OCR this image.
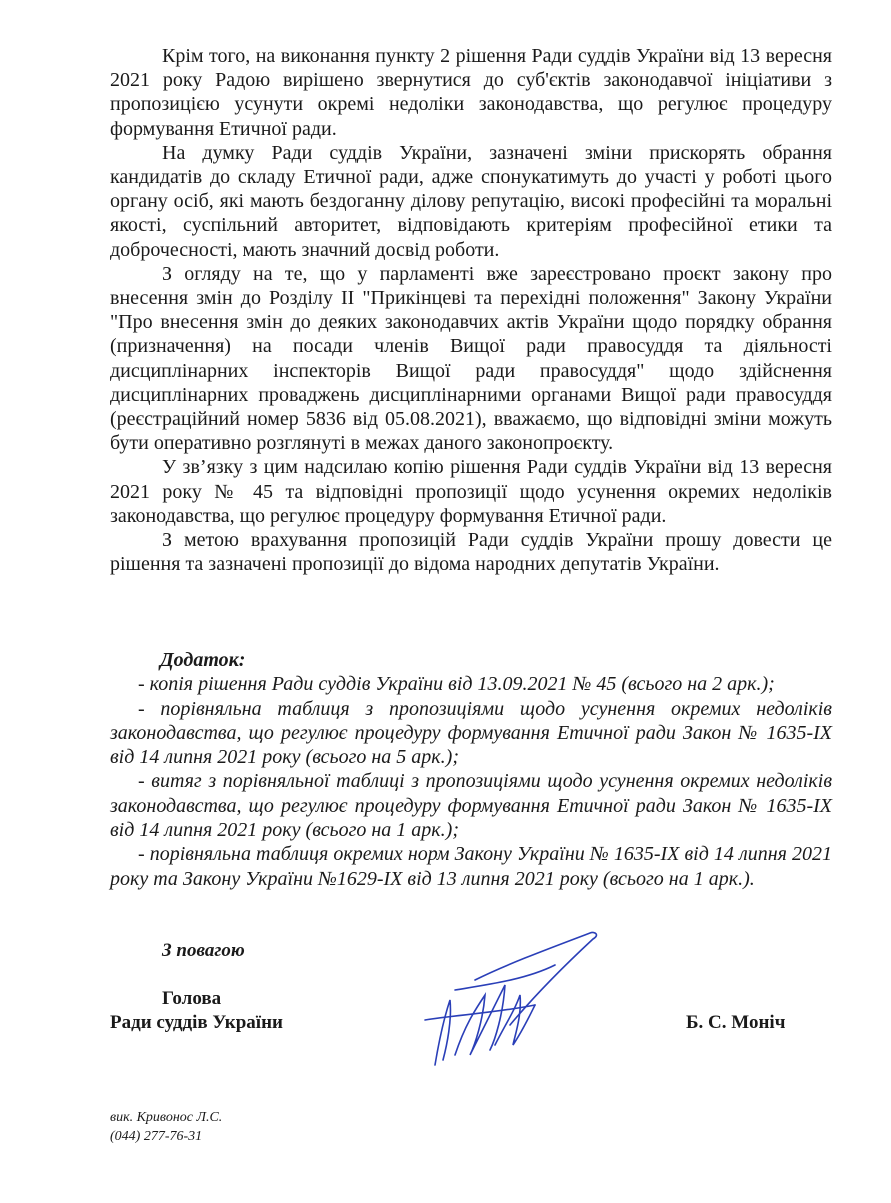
Крім того, на виконання пункту 2 рішення Ради суддів України від 13 вересня 2021 року Радою вирішено звернутися до суб'єктів законодавчої ініціативи з пропозицією усунути окремі недоліки законодавства, що регулює процедуру формування Етичної ради.

На думку Ради суддів України, зазначені зміни прискорять обрання кандидатів до складу Етичної ради, адже спонукатимуть до участі у роботі цього органу осіб, які мають бездоганну ділову репутацію, високі професійні та моральні якості, суспільний авторитет, відповідають критеріям професійної етики та доброчесності, мають значний досвід роботи.

З огляду на те, що у парламенті вже зареєстровано проєкт закону про внесення змін до Розділу II "Прикінцеві та перехідні положення" Закону України "Про внесення змін до деяких законодавчих актів України щодо порядку обрання (призначення) на посади членів Вищої ради правосуддя та діяльності дисциплінарних інспекторів Вищої ради правосуддя" щодо здійснення дисциплінарних проваджень дисциплінарними органами Вищої ради правосуддя (реєстраційний номер 5836 від 05.08.2021), вважаємо, що відповідні зміни можуть бути оперативно розглянуті в межах даного законопроєкту.

У зв’язку з цим надсилаю копію рішення Ради суддів України від 13 вересня 2021 року № 45 та відповідні пропозиції щодо усунення окремих недоліків законодавства, що регулює процедуру формування Етичної ради.

З метою врахування пропозицій Ради суддів України прошу довести це рішення та зазначені пропозиції до відома народних депутатів України.

Додаток:

- копія рішення Ради суддів України від 13.09.2021 № 45 (всього на 2 арк.);

- порівняльна таблиця з пропозиціями щодо усунення окремих недоліків законодавства, що регулює процедуру формування Етичної ради Закон № 1635-IX від 14 липня 2021 року (всього на 5 арк.);

- витяг з порівняльної таблиці з пропозиціями щодо усунення окремих недоліків законодавства, що регулює процедуру формування Етичної ради Закон № 1635-IX від 14 липня 2021 року (всього на 1 арк.);

- порівняльна таблиця окремих норм Закону України № 1635-IX від 14 липня 2021 року та Закону України №1629-IX від 13 липня 2021 року (всього на 1 арк.).

З повагою
Голова
Ради суддів України	Б. С. Моніч
вик. Кривонос Л.С.
(044) 277-76-31
